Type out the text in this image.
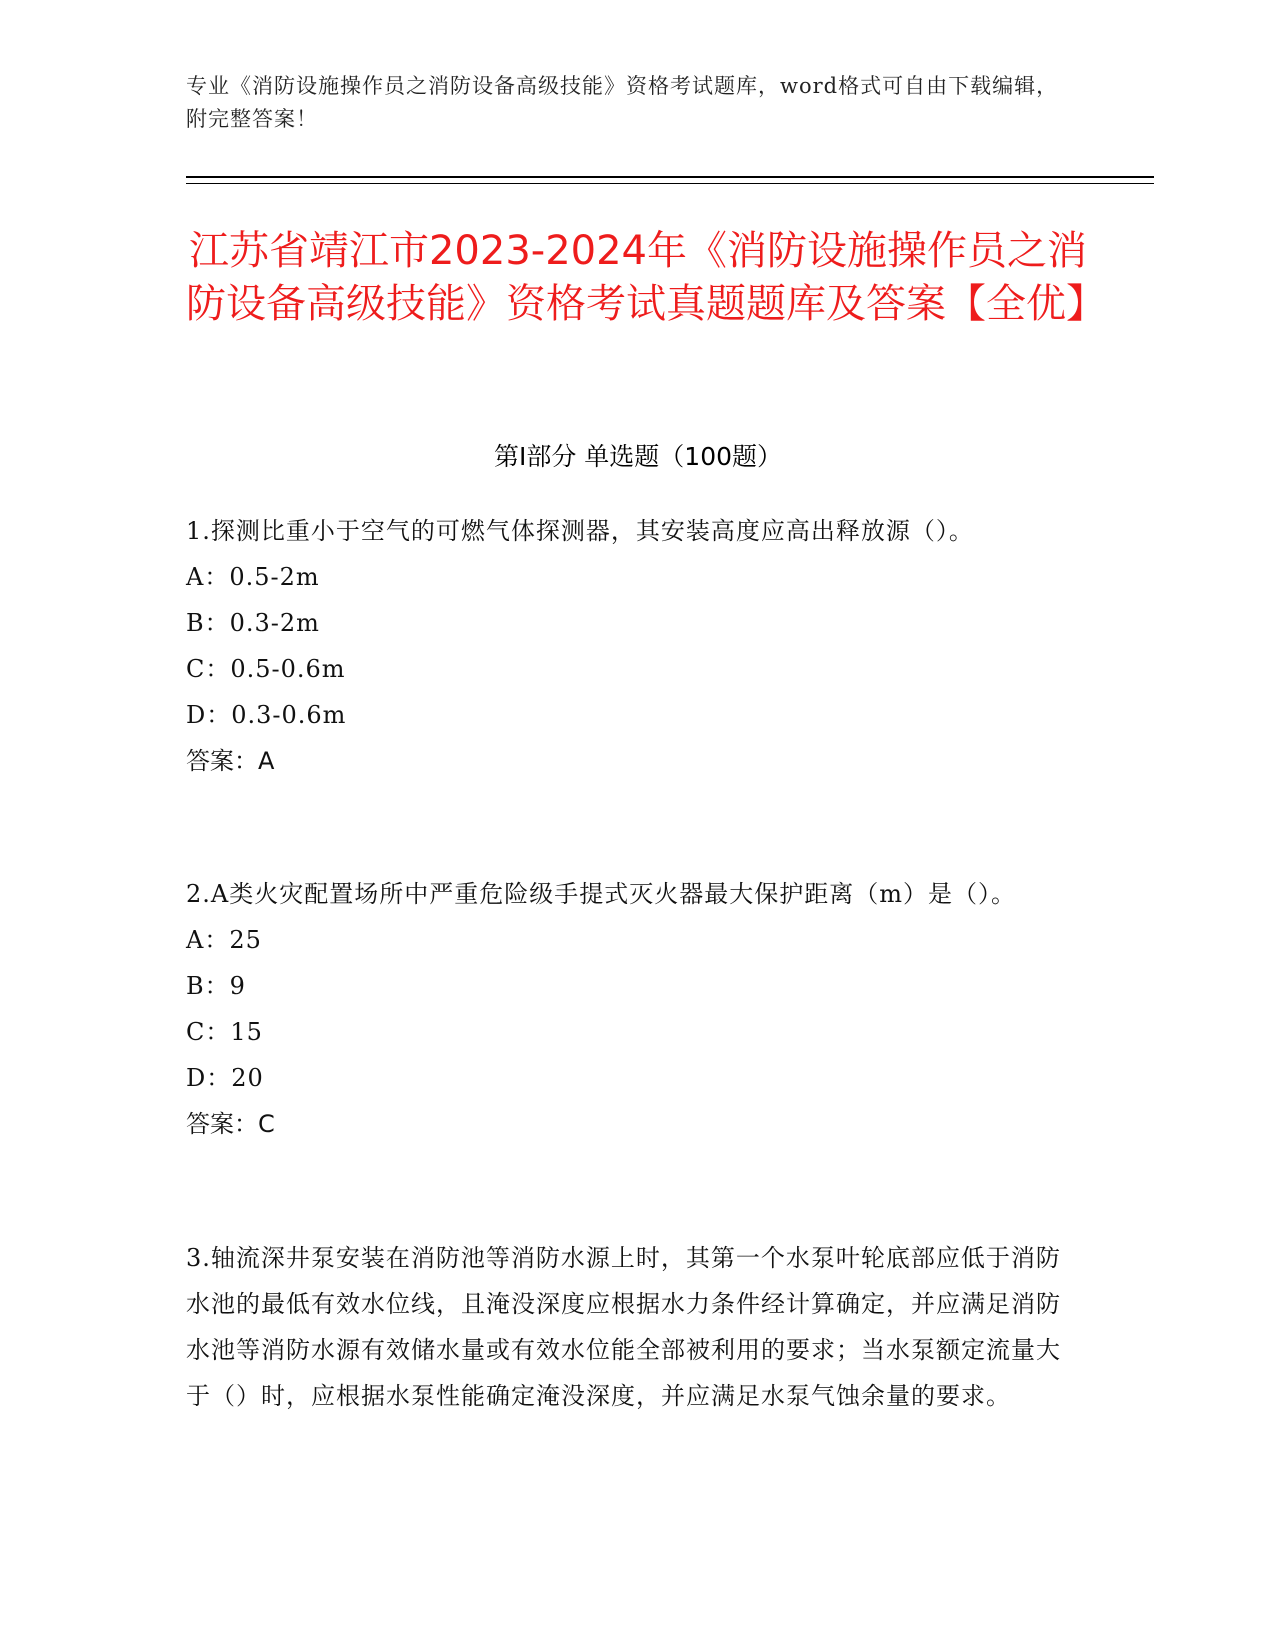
专业《消防设施操作员之消防设备高级技能》资格考试题库，word格式可自由下载编辑，附完整答案！
江苏省靖江市2023-2024年《消防设施操作员之消防设备高级技能》资格考试真题题库及答案【全优】
第Ⅰ部分 单选题（100题）
1.探测比重小于空气的可燃气体探测器，其安装高度应高出释放源（）。
A：0.5-2m
B：0.3-2m
C：0.5-0.6m
D：0.3-0.6m
答案：A
2.A类火灾配置场所中严重危险级手提式灭火器最大保护距离（m）是（）。
A：25
B：9
C：15
D：20
答案：C
3.轴流深井泵安装在消防池等消防水源上时，其第一个水泵叶轮底部应低于消防水池的最低有效水位线，且淹没深度应根据水力条件经计算确定，并应满足消防水池等消防水源有效储水量或有效水位能全部被利用的要求；当水泵额定流量大于（）时，应根据水泵性能确定淹没深度，并应满足水泵气蚀余量的要求。
